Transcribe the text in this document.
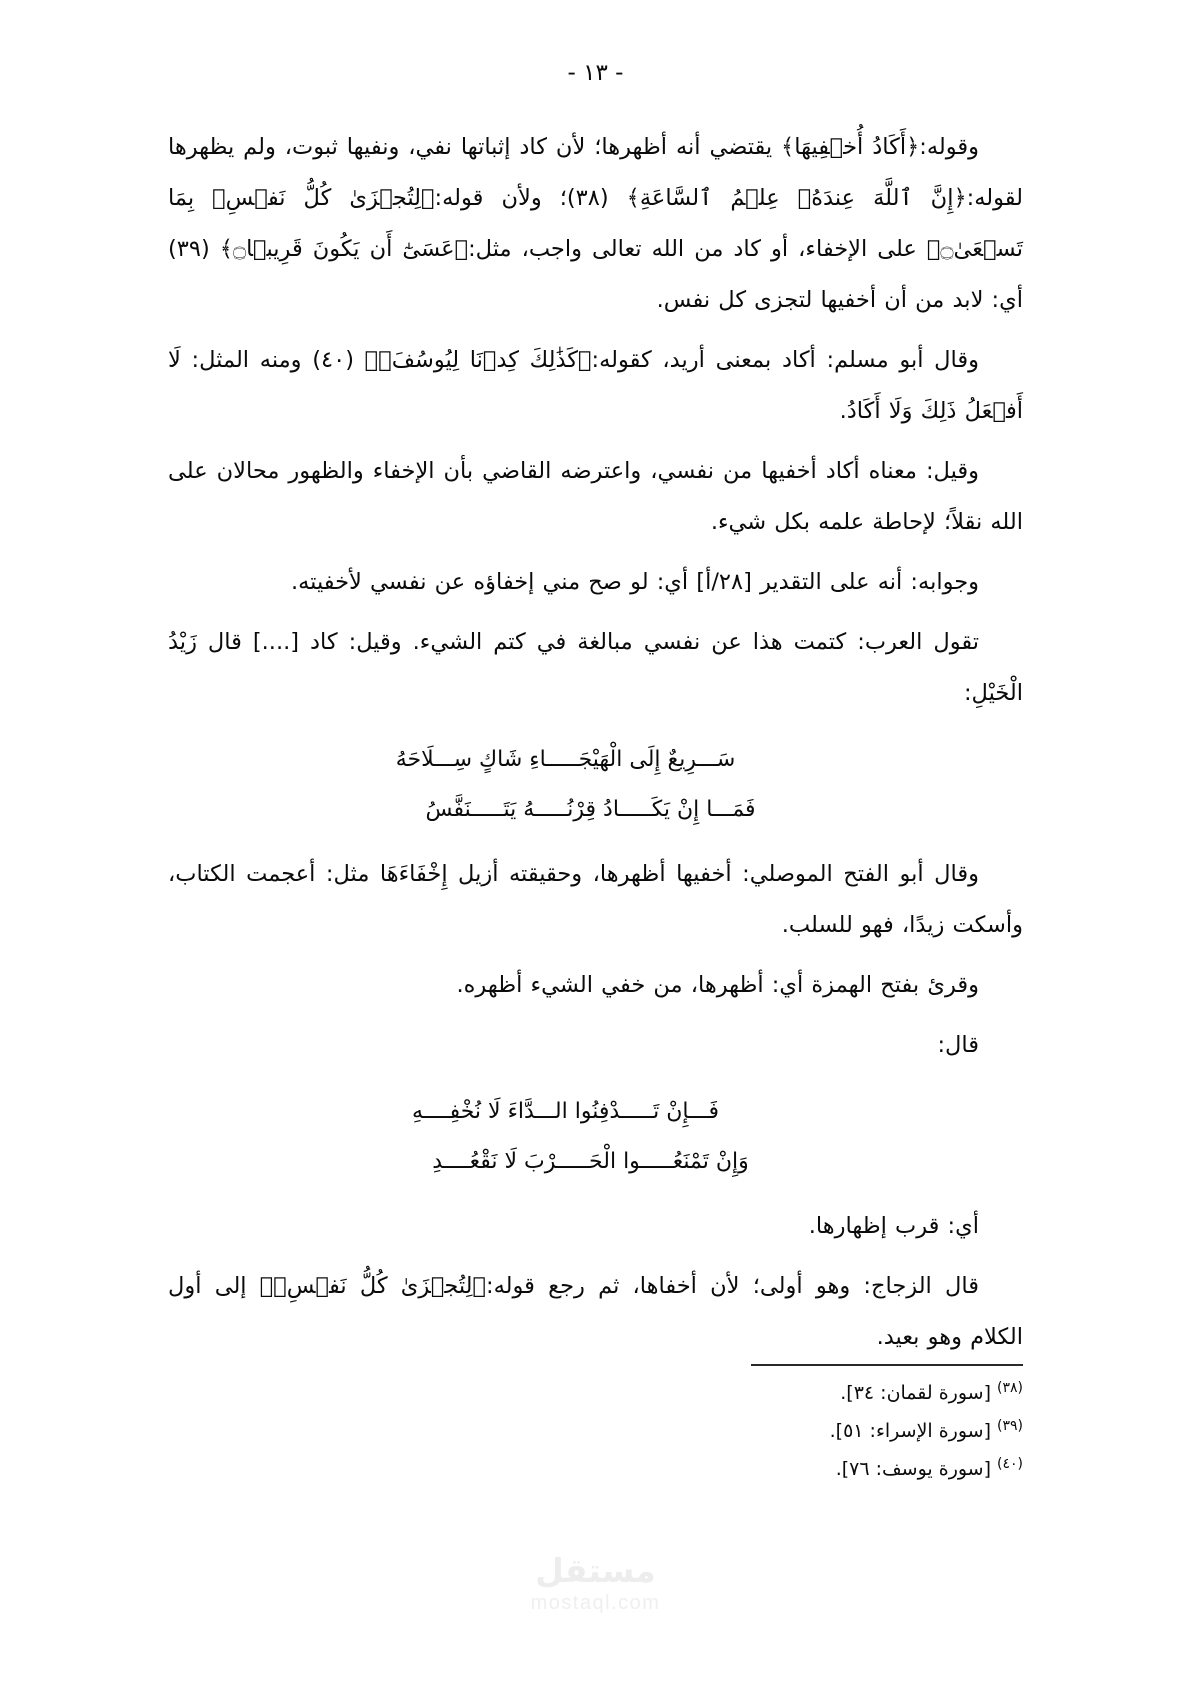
- ١٣ -

وقوله:﴿أَكَادُ أُخۡفِيهَا﴾ يقتضي أنه أظهرها؛ لأن كاد إثباتها نفي، ونفيها ثبوت، ولم يظهرها لقوله:﴿إِنَّ ٱللَّهَ عِندَهُۥ عِلۡمُ ٱلسَّاعَةِ﴾ (٣٨)؛ ولأن قوله:﴿لِتُجۡزَىٰ كُلُّ نَفۡسِۭ بِمَا تَسۡعَىٰ۝﴾ على الإخفاء، أو كاد من الله تعالى واجب، مثل:﴿عَسَىٰٓ أَن يَكُونَ قَرِيبࣰا۝﴾ (٣٩) أي: لابد من أن أخفيها لتجزى كل نفس.

وقال أبو مسلم: أكاد بمعنى أريد، كقوله:﴿كَذَٰلِكَ كِدۡنَا لِيُوسُفَۖ﴾ (٤٠) ومنه المثل: لَا أَفۡعَلُ ذَلِكَ وَلَا أَكَادُ.

وقيل: معناه أكاد أخفيها من نفسي، واعترضه القاضي بأن الإخفاء والظهور محالان على الله نقلاً؛ لإحاطة علمه بكل شيء.

وجوابه: أنه على التقدير [٢٨/أ] أي: لو صح مني إخفاؤه عن نفسي لأخفيته.

تقول العرب: كتمت هذا عن نفسي مبالغة في كتم الشيء. وقيل: كاد [....] قال زَيْدُ الْخَيْلِ:

سَـــرِيعٌ إِلَى الْهَيْجَـــــاءِ شَاكٍ سِـــلَاحَهُ

فَمَـــا إِنْ يَكَـــــادُ قِرْنُـــــهُ يَتَـــــنَفَّسُ

وقال أبو الفتح الموصلي: أخفيها أظهرها، وحقيقته أزيل إِخْفَاءَهَا مثل: أعجمت الكتاب، وأسكت زيدًا، فهو للسلب.

وقرئ بفتح الهمزة أي: أظهرها، من خفي الشيء أظهره.

قال:

فَـــإِنْ تَـــــدْفِنُوا الـــدَّاءَ لَا نُخْفِــــهِ

وَإِنْ تَمْنَعُـــــوا الْحَـــــرْبَ لَا نَقْعُــــدِ

أي: قرب إظهارها.

قال الزجاج: وهو أولى؛ لأن أخفاها، ثم رجع قوله:﴿لِتُجۡزَىٰ كُلُّ نَفۡسِۭ﴾ إلى أول الكلام وهو بعيد.

$^{(٣٨)}$[سورة لقمان: ٣٤].

$^{(٣٩)}$[سورة الإسراء: ٥١].

$^{(٤٠)}$[سورة يوسف: ٧٦].

مستقل
mostaql.com
